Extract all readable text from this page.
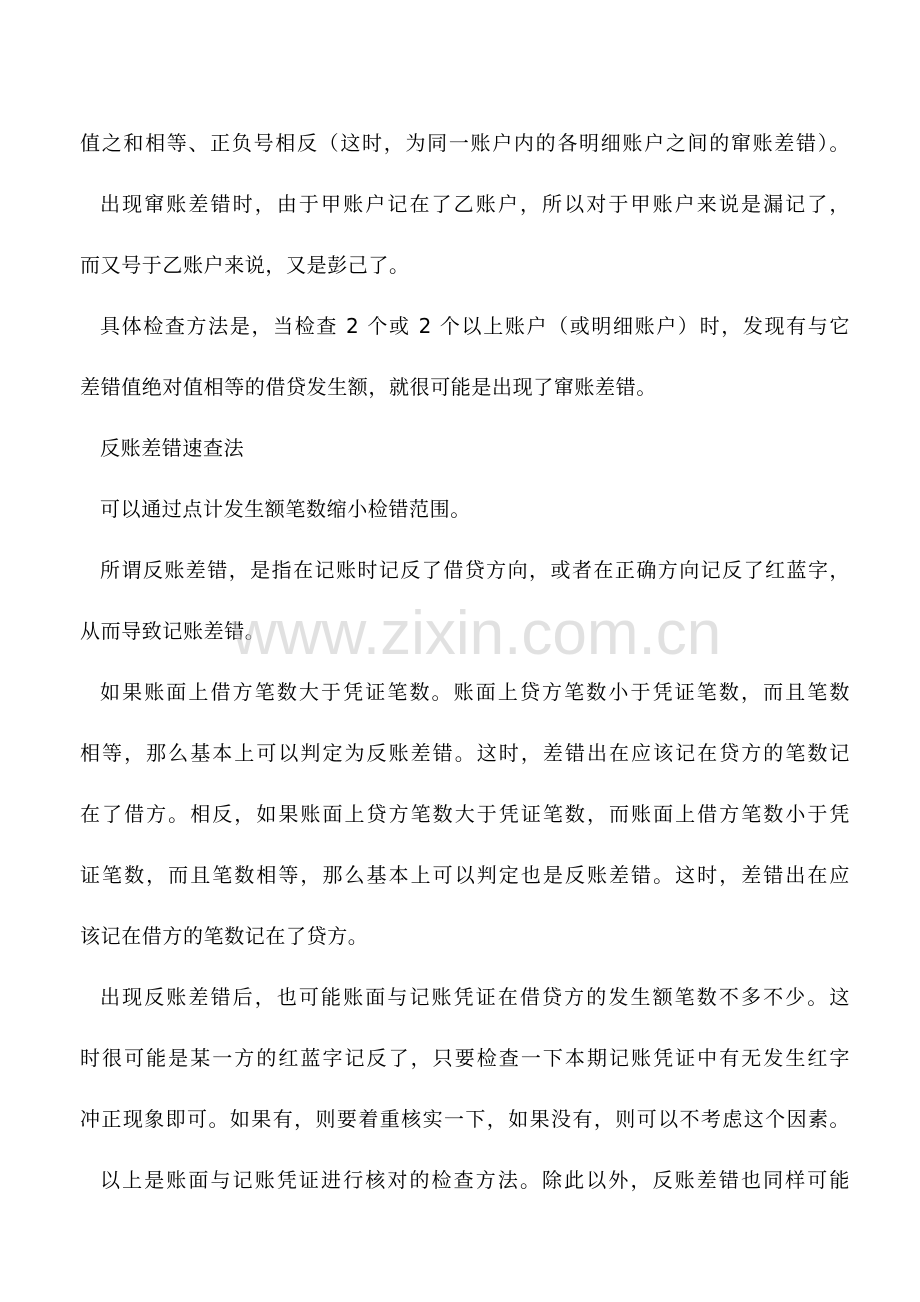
值之和相等、正负号相反（这时，为同一账户内的各明细账户之间的窜账差错）。
出现窜账差错时，由于甲账户记在了乙账户，所以对于甲账户来说是漏记了，
而又号于乙账户来说，又是彭己了。
具体检查方法是，当检查 2 个或 2 个以上账户（或明细账户）时，发现有与它
差错值绝对值相等的借贷发生额，就很可能是出现了窜账差错。
反账差错速查法
可以通过点计发生额笔数缩小检错范围。
所谓反账差错，是指在记账时记反了借贷方向，或者在正确方向记反了红蓝字，
从而导致记账差错。
如果账面上借方笔数大于凭证笔数。账面上贷方笔数小于凭证笔数，而且笔数
相等，那么基本上可以判定为反账差错。这时，差错出在应该记在贷方的笔数记
在了借方。相反，如果账面上贷方笔数大于凭证笔数，而账面上借方笔数小于凭
证笔数，而且笔数相等，那么基本上可以判定也是反账差错。这时，差错出在应
该记在借方的笔数记在了贷方。
出现反账差错后，也可能账面与记账凭证在借贷方的发生额笔数不多不少。这
时很可能是某一方的红蓝字记反了，只要检查一下本期记账凭证中有无发生红字
冲正现象即可。如果有，则要着重核实一下，如果没有，则可以不考虑这个因素。
以上是账面与记账凭证进行核对的检查方法。除此以外，反账差错也同样可能
www.zixin.com.cn
